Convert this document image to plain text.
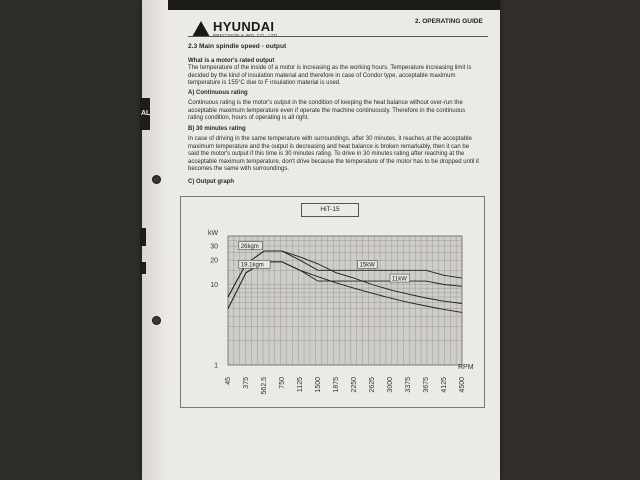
AL
HYUNDAI	2. OPERATING GUIDE
2.3 Main spindle speed - output
What is a motor's rated output
The temperature of the inside of a motor is increasing as the working hours. Temperature increasing limit is
decided by the kind of insulation material and therefore in case of Condor type, acceptable maximum
temperature is 155°C due to F insulation material is used.
A) Continuous rating
Continuous rating is the motor's output in the condition of keeping the heat balance without over-run the
acceptable maximum temperature even if operate the machine continuously. Therefore in the continuous
rating condition, hours of operating is all right.
B) 30 minutes rating
In case of driving in the same temperature with surroundings, after 30 minutes, it reaches at the acceptable
maximum temperature and the output is decreasing and heat balance is broken remarkably, then it can be
said the motor's output if this time is 30 minutes rating. To drive in 30 minutes rating after reaching at the
acceptable maximum temperature, don't drive because the temperature of the motor has to be dropped until it
becomes the same with surroundings.
C) Output graph
HiT-15
45 375 562.5 750 1125 1500 1875 2250 2625 3000 3375 3675 4125 4500
30
20
10
1
kW
RPM
26kgm
19.1kgm	15kW
11kW
